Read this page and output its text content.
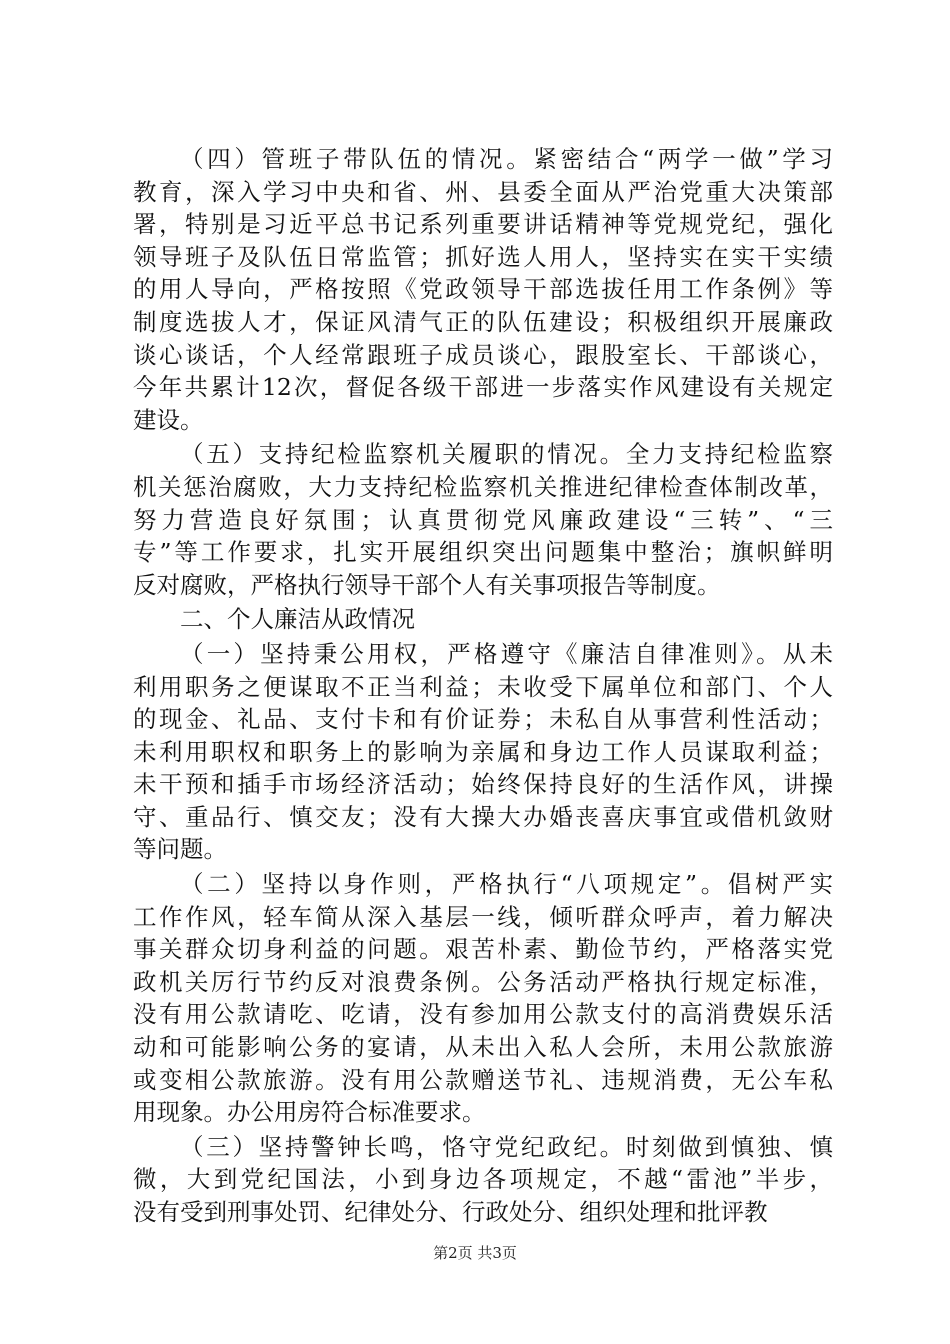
（四）管班子带队伍的情况。紧密结合“两学一做”学习
教育，深入学习中央和省、州、县委全面从严治党重大决策部
署，特别是习近平总书记系列重要讲话精神等党规党纪，强化
领导班子及队伍日常监管；抓好选人用人，坚持实在实干实绩
的用人导向，严格按照《党政领导干部选拔任用工作条例》等
制度选拔人才，保证风清气正的队伍建设；积极组织开展廉政
谈心谈话，个人经常跟班子成员谈心，跟股室长、干部谈心，
今年共累计12次，督促各级干部进一步落实作风建设有关规定
建设。
（五）支持纪检监察机关履职的情况。全力支持纪检监察
机关惩治腐败，大力支持纪检监察机关推进纪律检查体制改革，
努力营造良好氛围；认真贯彻党风廉政建设“三转”、“三
专”等工作要求，扎实开展组织突出问题集中整治；旗帜鲜明
反对腐败，严格执行领导干部个人有关事项报告等制度。
二、个人廉洁从政情况
（一）坚持秉公用权，严格遵守《廉洁自律准则》。从未
利用职务之便谋取不正当利益；未收受下属单位和部门、个人
的现金、礼品、支付卡和有价证券；未私自从事营利性活动；
未利用职权和职务上的影响为亲属和身边工作人员谋取利益；
未干预和插手市场经济活动；始终保持良好的生活作风，讲操
守、重品行、慎交友；没有大操大办婚丧喜庆事宜或借机敛财
等问题。
（二）坚持以身作则，严格执行“八项规定”。倡树严实
工作作风，轻车简从深入基层一线，倾听群众呼声，着力解决
事关群众切身利益的问题。艰苦朴素、勤俭节约，严格落实党
政机关厉行节约反对浪费条例。公务活动严格执行规定标准，
没有用公款请吃、吃请，没有参加用公款支付的高消费娱乐活
动和可能影响公务的宴请，从未出入私人会所，未用公款旅游
或变相公款旅游。没有用公款赠送节礼、违规消费，无公车私
用现象。办公用房符合标准要求。
（三）坚持警钟长鸣，恪守党纪政纪。时刻做到慎独、慎
微，大到党纪国法，小到身边各项规定，不越“雷池”半步，
没有受到刑事处罚、纪律处分、行政处分、组织处理和批评教
第2页 共3页
